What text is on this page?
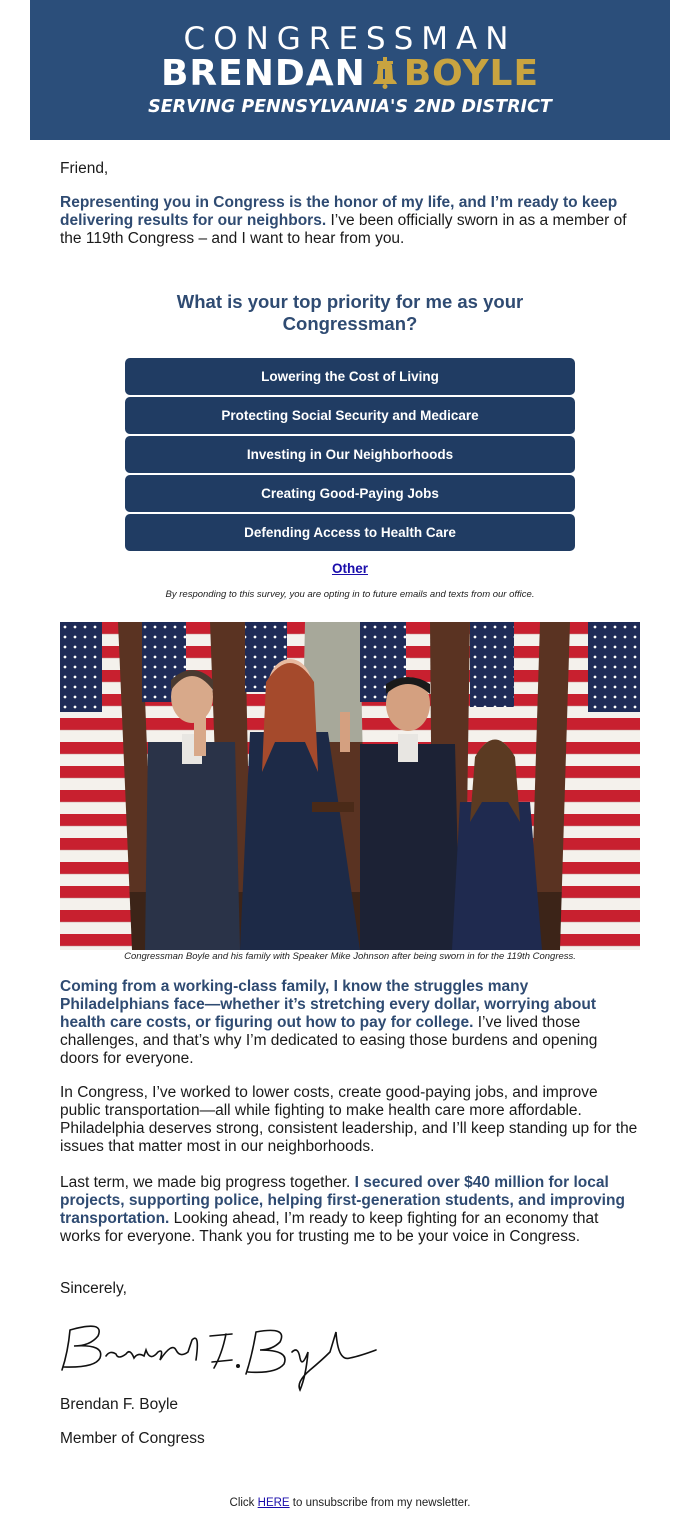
CONGRESSMAN
BRENDAN BOYLE
SERVING PENNSYLVANIA'S 2ND DISTRICT
Friend,
Representing you in Congress is the honor of my life, and I’m ready to keep delivering results for our neighbors. I’ve been officially sworn in as a member of the 119th Congress – and I want to hear from you.
What is your top priority for me as your Congressman?
Lowering the Cost of Living
Protecting Social Security and Medicare
Investing in Our Neighborhoods
Creating Good-Paying Jobs
Defending Access to Health Care
Other
By responding to this survey, you are opting in to future emails and texts from our office.
Congressman Boyle and his family with Speaker Mike Johnson after being sworn in for the 119th Congress.
Coming from a working-class family, I know the struggles many Philadelphians face—whether it’s stretching every dollar, worrying about health care costs, or figuring out how to pay for college. I’ve lived those challenges, and that’s why I’m dedicated to easing those burdens and opening doors for everyone.
In Congress, I’ve worked to lower costs, create good-paying jobs, and improve public transportation—all while fighting to make health care more affordable. Philadelphia deserves strong, consistent leadership, and I’ll keep standing up for the issues that matter most in our neighborhoods.
Last term, we made big progress together. I secured over $40 million for local projects, supporting police, helping first-generation students, and improving transportation. Looking ahead, I’m ready to keep fighting for an economy that works for everyone. Thank you for trusting me to be your voice in Congress.
Sincerely,
Brendan F. Boyle
Member of Congress
Click HERE to unsubscribe from my newsletter.
